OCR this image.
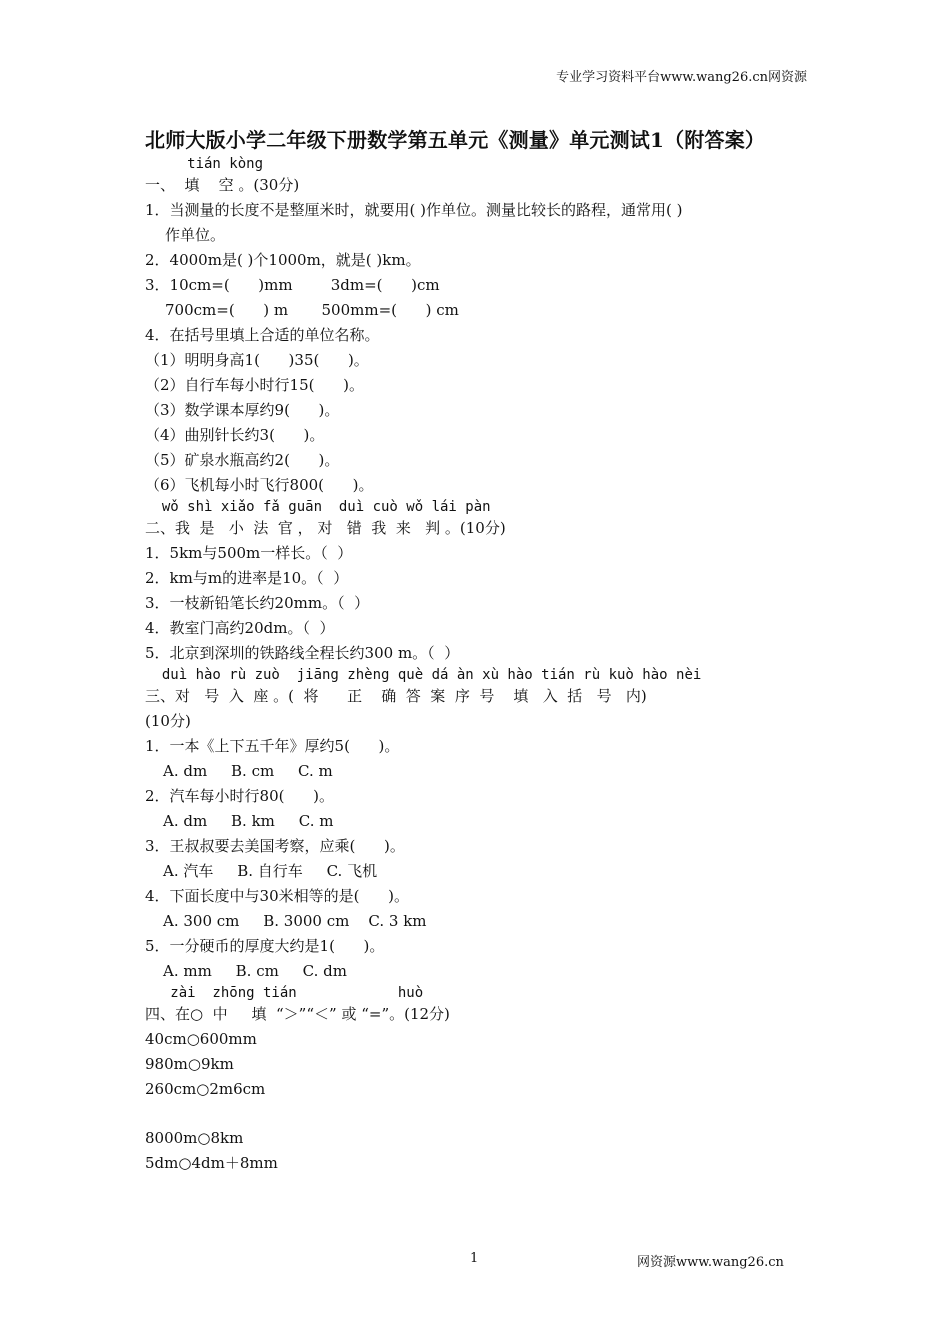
专业学习资料平台www.wang26.cn网资源
北师大版小学二年级下册数学第五单元《测量》单元测试1（附答案）
tián kòng
一、  填    空 。(30分)
1．当测量的长度不是整厘米时，就要用( )作单位。测量比较长的路程，通常用( )
作单位。
2．4000m是( )个1000m，就是( )km。
3．10cm=(      )mm        3dm=(      )cm
700cm=(      ) m       500mm=(      ) cm
4．在括号里填上合适的单位名称。
（1）明明身高1(      )35(      )。
（2）自行车每小时行15(      )。
（3）数学课本厚约9(      )。
（4）曲别针长约3(      )。
（5）矿泉水瓶高约2(      )。
（6）飞机每小时飞行800(      )。
wǒ shì xiǎo fǎ guān  duì cuò wǒ lái pàn
二、我  是   小  法  官 ， 对   错  我  来   判 。(10分)
1．5km与500m一样长。（  ）
2．km与m的进率是10。（  ）
3．一枝新铅笔长约20mm。（  ）
4．教室门高约20dm。（  ）
5．北京到深圳的铁路线全程长约300 m。（  ）
duì hào rù zuò  jiāng zhèng què dá àn xù hào tián rù kuò hào nèi
三、对   号  入  座 。(  将      正    确  答  案  序  号    填   入  括   号   内)
(10分)
1．一本《上下五千年》厚约5(      )。
A. dm     B. cm     C. m
2．汽车每小时行80(      )。
A. dm     B. km     C. m
3．王叔叔要去美国考察，应乘(      )。
A. 汽车     B. 自行车     C. 飞机
4．下面长度中与30米相等的是(      )。
A. 300 cm     B. 3000 cm    C. 3 km
5．一分硬币的厚度大约是1(      )。
A. mm     B. cm     C. dm
zài  zhōng tián            huò
四、在○  中     填  “＞”“＜” 或 “=”。(12分)
40cm○600mm
980m○9km
260cm○2m6cm
8000m○8km
5dm○4dm＋8mm
1	网资源www.wang26.cn
